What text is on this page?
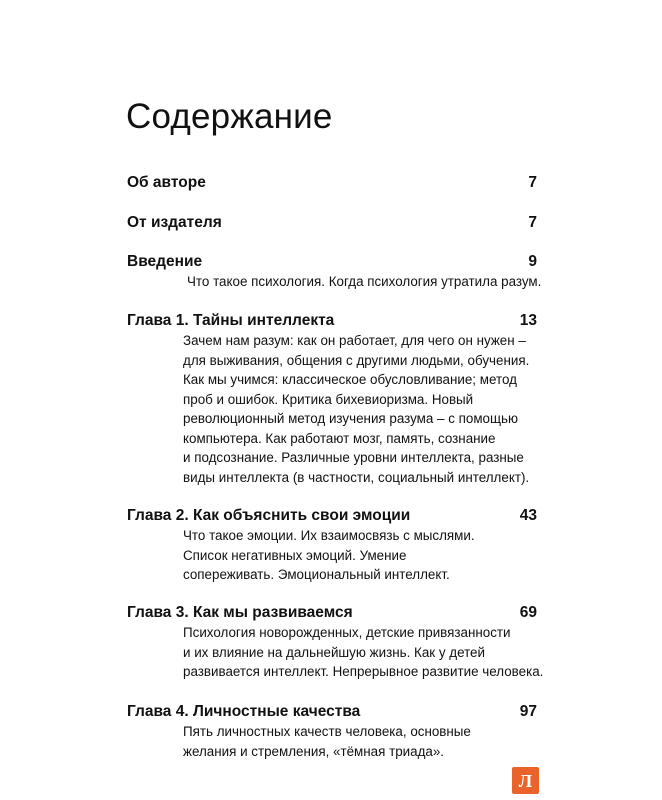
Содержание
Об авторе	7
От издателя	7
Введение	9
Что такое психология. Когда психология утратила разум.
Глава 1. Тайны интеллекта	13
Зачем нам разум: как он работает, для чего он нужен –
для выживания, общения с другими людьми, обучения.
Как мы учимся: классическое обусловливание; метод
проб и ошибок. Критика бихевиоризма. Новый
революционный метод изучения разума – с помощью
компьютера. Как работают мозг, память, сознание
и подсознание. Различные уровни интеллекта, разные
виды интеллекта (в частности, социальный интеллект).
Глава 2. Как объяснить свои эмоции	43
Что такое эмоции. Их взаимосвязь с мыслями.
Список негативных эмоций. Умение
сопереживать. Эмоциональный интеллект.
Глава 3. Как мы развиваемся	69
Психология новорожденных, детские привязанности
и их влияние на дальнейшую жизнь. Как у детей
развивается интеллект. Непрерывное развитие человека.
Глава 4. Личностные качества	97
Пять личностных качеств человека, основные
желания и стремления, «тёмная триада».
Л
